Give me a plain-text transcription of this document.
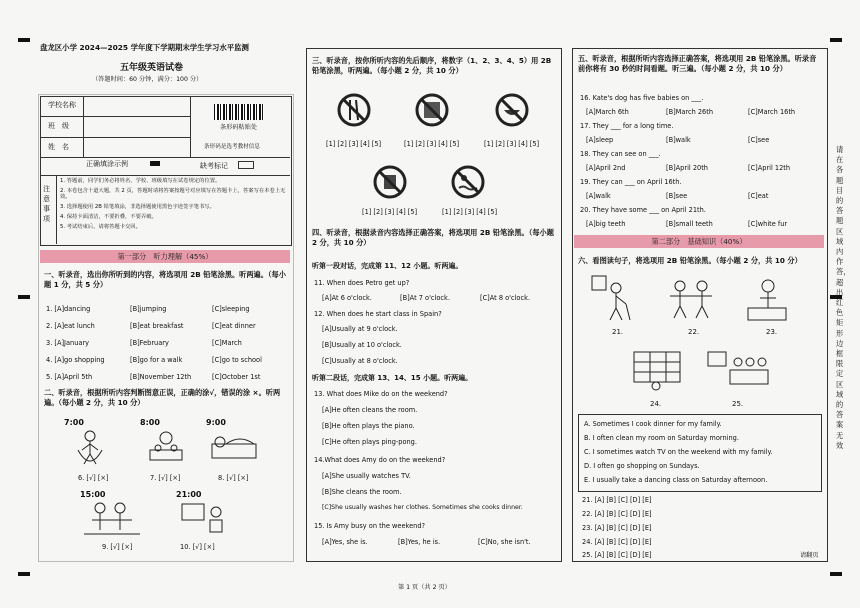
盘龙区小学 2024—2025 学年度下学期期末学生学习水平监测
五年级英语试卷
（答题时间：60 分钟，满分：100 分）
学校名称
班　级
姓　名
条形码粘贴处
条形码是选考教材信息
正确填涂示例	缺考标记
注意事项
1. 答题前，同学们务必将姓名、学校、班级填写在试卷规定的位置。
2. 本卷包含十道大题，共 2 页，答题时请将答案按题号对应填写在答题卡上，答案写在本卷上无效。
3. 选择题使用 2B 铅笔填涂，非选择题使用黑色字迹签字笔书写。
4. 保持卡面清洁，不要折叠，不要弄破。
5. 考试结束后，请将答题卡交回。
第一部分　听力理解（45%）
一、听录音，选出你所听到的内容，将选项用 2B 铅笔涂黑。听两遍。（每小题 1 分，共 5 分）
1. [A]dancing	[B]jumping	[C]sleeping
2. [A]eat lunch	[B]eat breakfast	[C]eat dinner
3. [A]January	[B]February	[C]March
4. [A]go shopping	[B]go for a walk	[C]go to school
5. [A]April 5th	[B]November 12th	[C]October 1st
二、听录音，根据所听内容判断图意正误，正确的涂√，错误的涂 ×。听两遍。（每小题 2 分，共 10 分）
7:00	8:00	9:00
6. [√] [×]	7. [√] [×]	8. [√] [×]
15:00	21:00
9. [√] [×]	10. [√] [×]
三、听录音，按你所听内容的先后顺序，将数字（1、2、3、4、5）用 2B 铅笔涂黑，听两遍。（每小题 2 分，共 10 分）
[1] [2] [3] [4] [5]	[1] [2] [3] [4] [5]	[1] [2] [3] [4] [5]
[1] [2] [3] [4] [5]	[1] [2] [3] [4] [5]
四、听录音，根据录音内容选择正确答案，将选项用 2B 铅笔涂黑。（每小题 2 分，共 10 分）
听第一段对话，完成第 11、12 小题。听两遍。
11. When does Petro get up?
[A]At 6 o'clock.	[B]At 7 o'clock.	[C]At 8 o'clock.
12. When does he start class in Spain?
[A]Usually at 9 o'clock.
[B]Usually at 10 o'clock.
[C]Usually at 8 o'clock.
听第二段话，完成第 13、14、15 小题。听两遍。
13. What does Mike do on the weekend?
[A]He often cleans the room.
[B]He often plays the piano.
[C]He often plays ping-pong.
14.What does Amy do on the weekend?
[A]She usually watches TV.
[B]She cleans the room.
[C]She usually washes her clothes. Sometimes she cooks dinner.
15. Is Amy busy on the weekend?
[A]Yes, she is.	[B]Yes, he is.	[C]No, she isn't.
五、听录音，根据所听内容选择正确答案，将选项用 2B 铅笔涂黑。听录音前你将有 30 秒的时间看题。听三遍。（每小题 2 分，共 10 分）
16. Kate's dog has five babies on ___.
[A]March 6th	[B]March 26th	[C]March 16th
17. They ___ for a long time.
[A]sleep	[B]walk	[C]see
18. They can see on ___.
[A]April 2nd	[B]April 20th	[C]April 12th
19. They can ___ on April 16th.
[A]walk	[B]see	[C]eat
20. They have some ___ on April 21th.
[A]big teeth	[B]small teeth	[C]white fur
第二部分　基础知识（40%）
六、看图读句子，将选项用 2B 铅笔涂黑。（每小题 2 分，共 10 分）
21.	22.	23.
24.	25.
A. Sometimes I cook dinner for my family.
B. I often clean my room on Saturday morning.
C. I sometimes watch TV on the weekend with my family.
D. I often go shopping on Sundays.
E. I usually take a dancing class on Saturday afternoon.
21. [A] [B] [C] [D] [E]
22. [A] [B] [C] [D] [E]
23. [A] [B] [C] [D] [E]
24. [A] [B] [C] [D] [E]
25. [A] [B] [C] [D] [E]	请翻页
请在各题目的答题区域内作答，超出红色矩形边框限定区域的答案无效
第 1 页（共 2 页）
